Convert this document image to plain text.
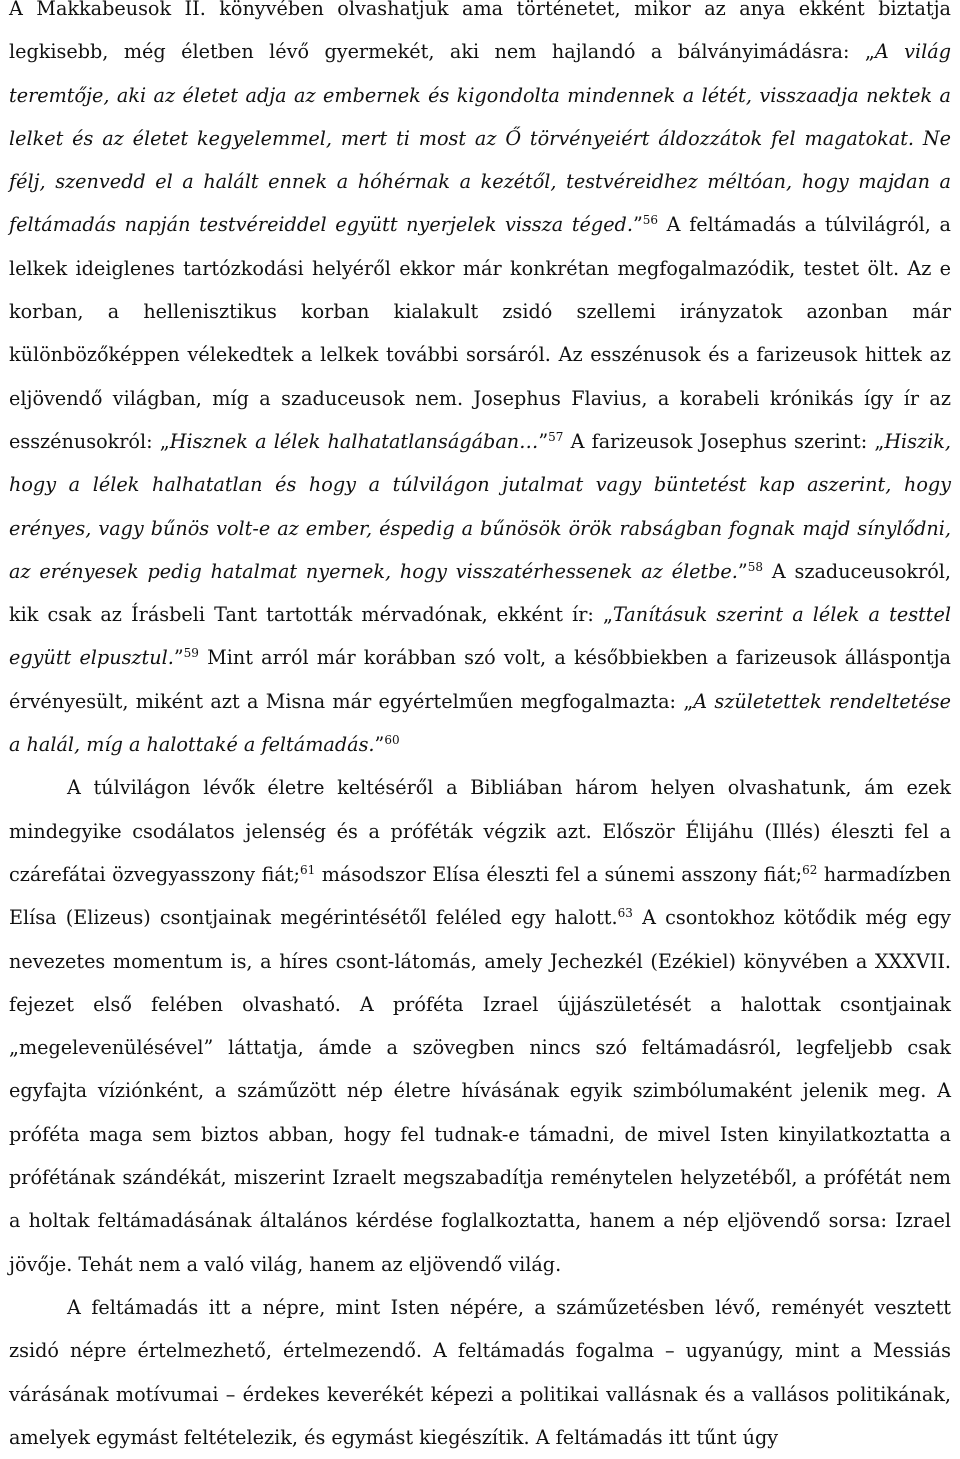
A Makkabeusok II. könyvében olvashatjuk ama történetet, mikor az anya ekként biztatja legkisebb, még életben lévő gyermekét, aki nem hajlandó a bálványimádásra: „A világ teremtője, aki az életet adja az embernek és kigondolta mindennek a létét, visszaadja nektek a lelket és az életet kegyelemmel, mert ti most az Ő törvényeiért áldozzátok fel magatokat. Ne félj, szenvedd el a halált ennek a hóhérnak a kezétől, testvéreidhez méltóan, hogy majdan a feltámadás napján testvéreiddel együtt nyerjelek vissza téged.”$^{56}$ A feltámadás a túlvilágról, a lelkek ideiglenes tartózkodási helyéről ekkor már konkrétan megfogalmazódik, testet ölt. Az e korban, a hellenisztikus korban kialakult zsidó szellemi irányzatok azonban már különbözőképpen vélekedtek a lelkek további sorsáról. Az esszénusok és a farizeusok hittek az eljövendő világban, míg a szaduceusok nem. Josephus Flavius, a korabeli krónikás így ír az esszénusokról: „Hisznek a lélek halhatatlanságában…”$^{57}$ A farizeusok Josephus szerint: „Hiszik, hogy a lélek halhatatlan és hogy a túlvilágon jutalmat vagy büntetést kap aszerint, hogy erényes, vagy bűnös volt-e az ember, éspedig a bűnösök örök rabságban fognak majd sínylődni, az erényesek pedig hatalmat nyernek, hogy visszatérhessenek az életbe.”$^{58}$ A szaduceusokról, kik csak az Írásbeli Tant tartották mérvadónak, ekként ír: „Tanításuk szerint a lélek a testtel együtt elpusztul.”$^{59}$ Mint arról már korábban szó volt, a későbbiekben a farizeusok álláspontja érvényesült, miként azt a Misna már egyértelműen megfogalmazta: „A születettek rendeltetése a halál, míg a halottaké a feltámadás.”$^{60}$

A túlvilágon lévők életre keltéséről a Bibliában három helyen olvashatunk, ám ezek mindegyike csodálatos jelenség és a próféták végzik azt. Először Élijáhu (Illés) éleszti fel a czárefátai özvegyasszony fiát;$^{61}$ másodszor Elísa éleszti fel a súnemi asszony fiát;$^{62}$ harmadízben Elísa (Elizeus) csontjainak megérintésétől feléled egy halott.$^{63}$ A csontokhoz kötődik még egy nevezetes momentum is, a híres csont-látomás, amely Jechezkél (Ezékiel) könyvében a XXXVII. fejezet első felében olvasható. A próféta Izrael újjászületését a halottak csontjainak „megelevenülésével” láttatja, ámde a szövegben nincs szó feltámadásról, legfeljebb csak egyfajta víziónként, a száműzött nép életre hívásának egyik szimbólumaként jelenik meg. A próféta maga sem biztos abban, hogy fel tudnak-e támadni, de mivel Isten kinyilatkoztatta a prófétának szándékát, miszerint Izraelt megszabadítja reménytelen helyzetéből, a prófétát nem a holtak feltámadásának általános kérdése foglalkoztatta, hanem a nép eljövendő sorsa: Izrael jövője. Tehát nem a való világ, hanem az eljövendő világ.

A feltámadás itt a népre, mint Isten népére, a száműzetésben lévő, reményét vesztett zsidó népre értelmezhető, értelmezendő. A feltámadás fogalma – ugyanúgy, mint a Messiás várásának motívumai – érdekes keverékét képezi a politikai vallásnak és a vallásos politikának, amelyek egymást feltételezik, és egymást kiegészítik. A feltámadás itt tűnt úgy
